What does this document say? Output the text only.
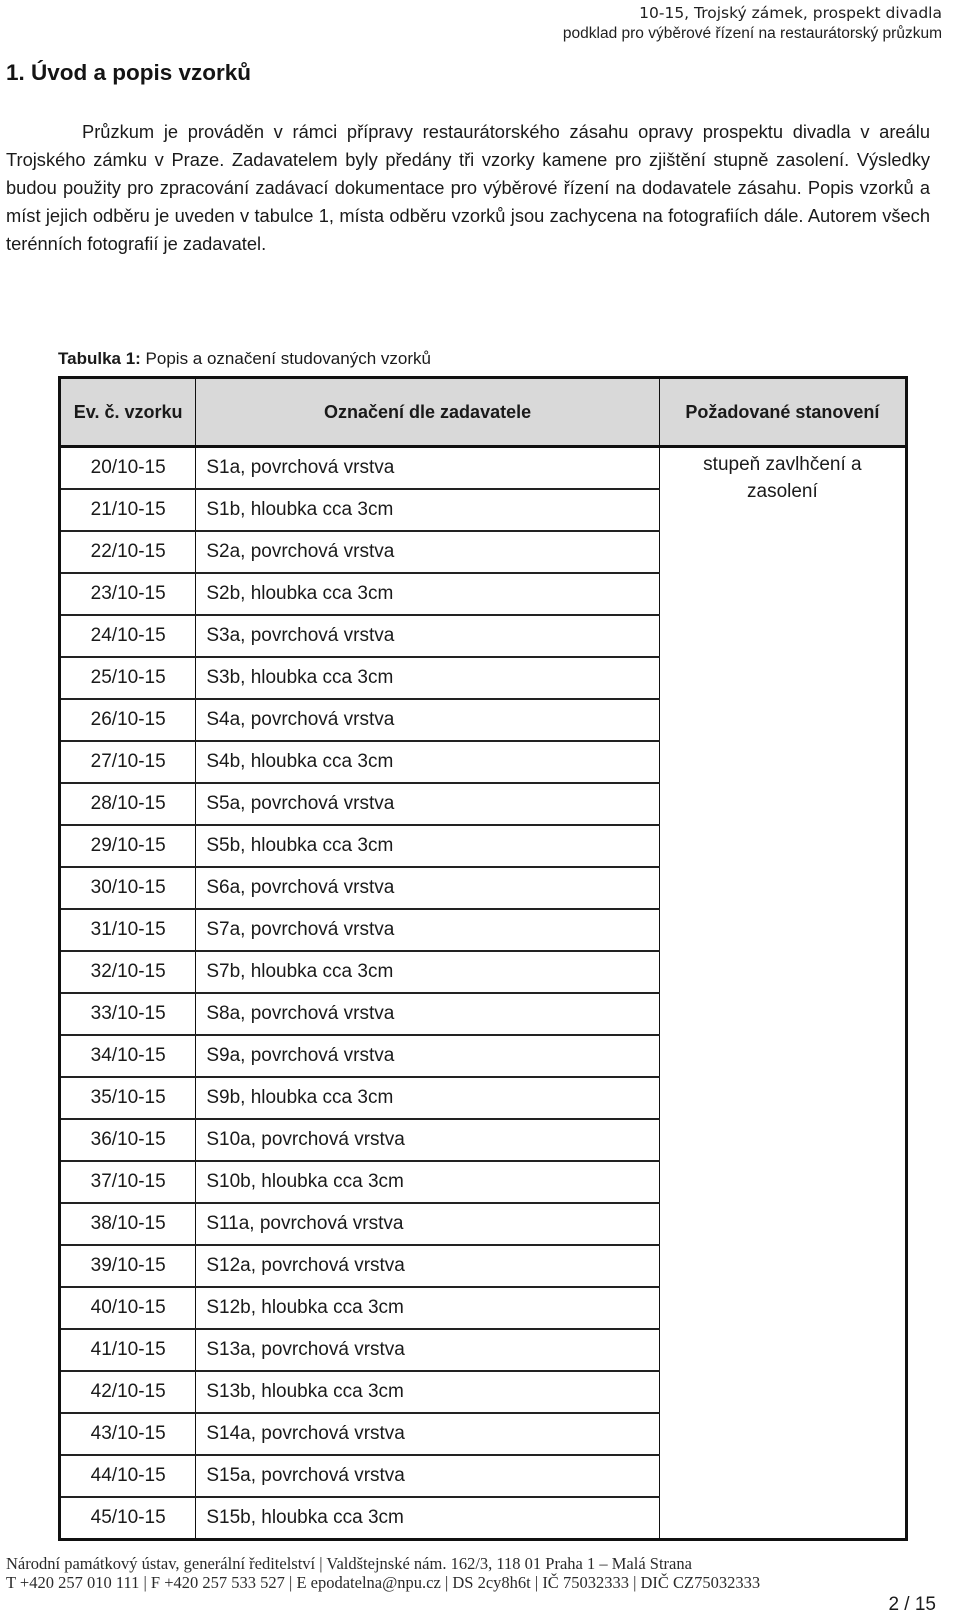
10-15, Trojský zámek, prospekt divadla
podklad pro výběrové řízení na restaurátorský průzkum
1. Úvod a popis vzorků

Průzkum je prováděn v rámci přípravy restaurátorského zásahu opravy prospektu divadla v areálu Trojského zámku v Praze. Zadavatelem byly předány tři vzorky kamene pro zjištění stupně zasolení. Výsledky budou použity pro zpracování zadávací dokumentace pro výběrové řízení na dodavatele zásahu. Popis vzorků a míst jejich odběru je uveden v tabulce 1, místa odběru vzorků jsou zachycena na fotografiích dále. Autorem všech terénních fotografií je zadavatel.

Tabulka 1: Popis a označení studovaných vzorků
Ev. č. vzorku	Označení dle zadavatele	Požadované stanovení
20/10-15	S1a, povrchová vrstva	stupeň zavlhčení a zasolení

21/10-15	S1b, hloubka cca 3cm	
22/10-15	S2a, povrchová vrstva	
23/10-15	S2b, hloubka cca 3cm	
24/10-15	S3a, povrchová vrstva	
25/10-15	S3b, hloubka cca 3cm	
26/10-15	S4a, povrchová vrstva	
27/10-15	S4b, hloubka cca 3cm	
28/10-15	S5a, povrchová vrstva	
29/10-15	S5b, hloubka cca 3cm	
30/10-15	S6a, povrchová vrstva	
31/10-15	S7a, povrchová vrstva	
32/10-15	S7b, hloubka cca 3cm	
33/10-15	S8a, povrchová vrstva	
34/10-15	S9a, povrchová vrstva	
35/10-15	S9b, hloubka cca 3cm	
36/10-15	S10a, povrchová vrstva	
37/10-15	S10b, hloubka cca 3cm	
38/10-15	S11a, povrchová vrstva	
39/10-15	S12a, povrchová vrstva	
40/10-15	S12b, hloubka cca 3cm	
41/10-15	S13a, povrchová vrstva	
42/10-15	S13b, hloubka cca 3cm	
43/10-15	S14a, povrchová vrstva	
44/10-15	S15a, povrchová vrstva	
45/10-15	S15b, hloubka cca 3cm	
Národní památkový ústav, generální ředitelství | Valdštejnské nám. 162/3, 118 01 Praha 1 – Malá Strana
T +420 257 010 111 | F +420 257 533 527 | E epodatelna@npu.cz | DS 2cy8h6t | IČ 75032333 | DIČ CZ75032333
2 / 15
